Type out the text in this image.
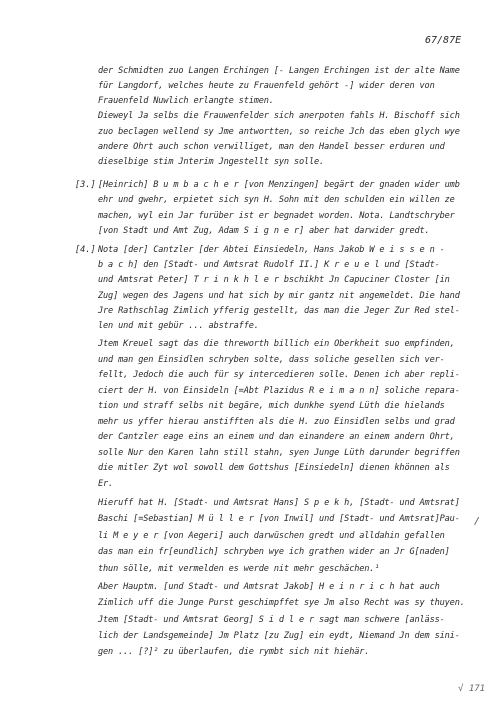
67/87E
der Schmidten zuo Langen Erchingen [- Langen Erchingen ist der alte Name
für Langdorf, welches heute zu Frauenfeld gehört -] wider deren von
Frauenfeld Nuwlich erlangte stimen.
Dieweyl Ja selbs die Frauwenfelder sich anerpoten fahls H. Bischoff sich
zuo beclagen wellend sy Jme antwortten, so reiche Jch das eben glych wye
andere Ohrt auch schon verwilliget, man den Handel besser erduren und
dieselbige stim Jnterim Jngestellt syn solle.
[3.] [Heinrich] B u m b a c h e r [von Menzingen] begärt der gnaden wider umb
ehr und gwehr, erpietet sich syn H. Sohn mit den schulden ein willen ze
machen, wyl ein Jar furüber ist er begnadet worden. Nota. Landtschryber
[von Stadt und Amt Zug, Adam S i g n e r] aber hat darwider gredt.
[4.] Nota [der] Cantzler [der Abtei Einsiedeln, Hans Jakob W e i s s e n -
b a c h] den [Stadt- und Amtsrat Rudolf II.] K r e u e l und [Stadt-
und Amtsrat Peter] T r i n k h l e r bschikht Jn Capuciner Closter [in
Zug] wegen des Jagens und hat sich by mir gantz nit angemeldet. Die hand
Jre Rathschlag Zimlich yfferig gestellt, das man die Jeger Zur Red stel-
len und mit gebür ... abstraffe.
Jtem Kreuel sagt das die threworth billich ein Oberkheit suo empfinden,
und man gen Einsidlen schryben solte, dass soliche gesellen sich ver-
fellt, Jedoch die auch für sy intercedieren solle. Denen ich aber repli-
ciert der H. von Einsideln [=Abt Plazidus R e i m a n n] soliche repara-
tion und straff selbs nit begäre, mich dunkhe syend Lüth die hielands
mehr us yffer hierau anstifften als die H. zuo Einsidlen selbs und grad
der Cantzler eage eins an einem und dan einandere an einem andern Ohrt,
solle Nur den Karen lahn still stahn, syen Junge Lüth darunder begriffen
die mitler Zyt wol sowoll dem Gottshus [Einsiedeln] dienen khönnen als
Er.
Hieruff hat H. [Stadt- und Amtsrat Hans] S p e k h, [Stadt- und Amtsrat]
Baschi [=Sebastian] M ü l l e r [von Inwil] und [Stadt- und Amtsrat]Pau-
li M e y e r [von Aegeri] auch darwüschen gredt und alldahin gefallen
das man ein fr[eundlich] schryben wye ich grathen wider an Jr G[naden]
thun sölle, mit vermelden es werde nit mehr geschächen.¹
Aber Hauptm. [und Stadt- und Amtsrat Jakob] H e i n r i c h hat auch
Zimlich uff die Junge Purst geschimpffet sye Jm also Recht was sy thuyen.
Jtem [Stadt- und Amtsrat Georg] S i d l e r sagt man schwere [anläss-
lich der Landsgemeinde] Jm Platz [zu Zug] ein eydt, Niemand Jn dem sini-
gen ... [?]² zu überlaufen, die rymbt sich nit hiehär.
/
√ 171
